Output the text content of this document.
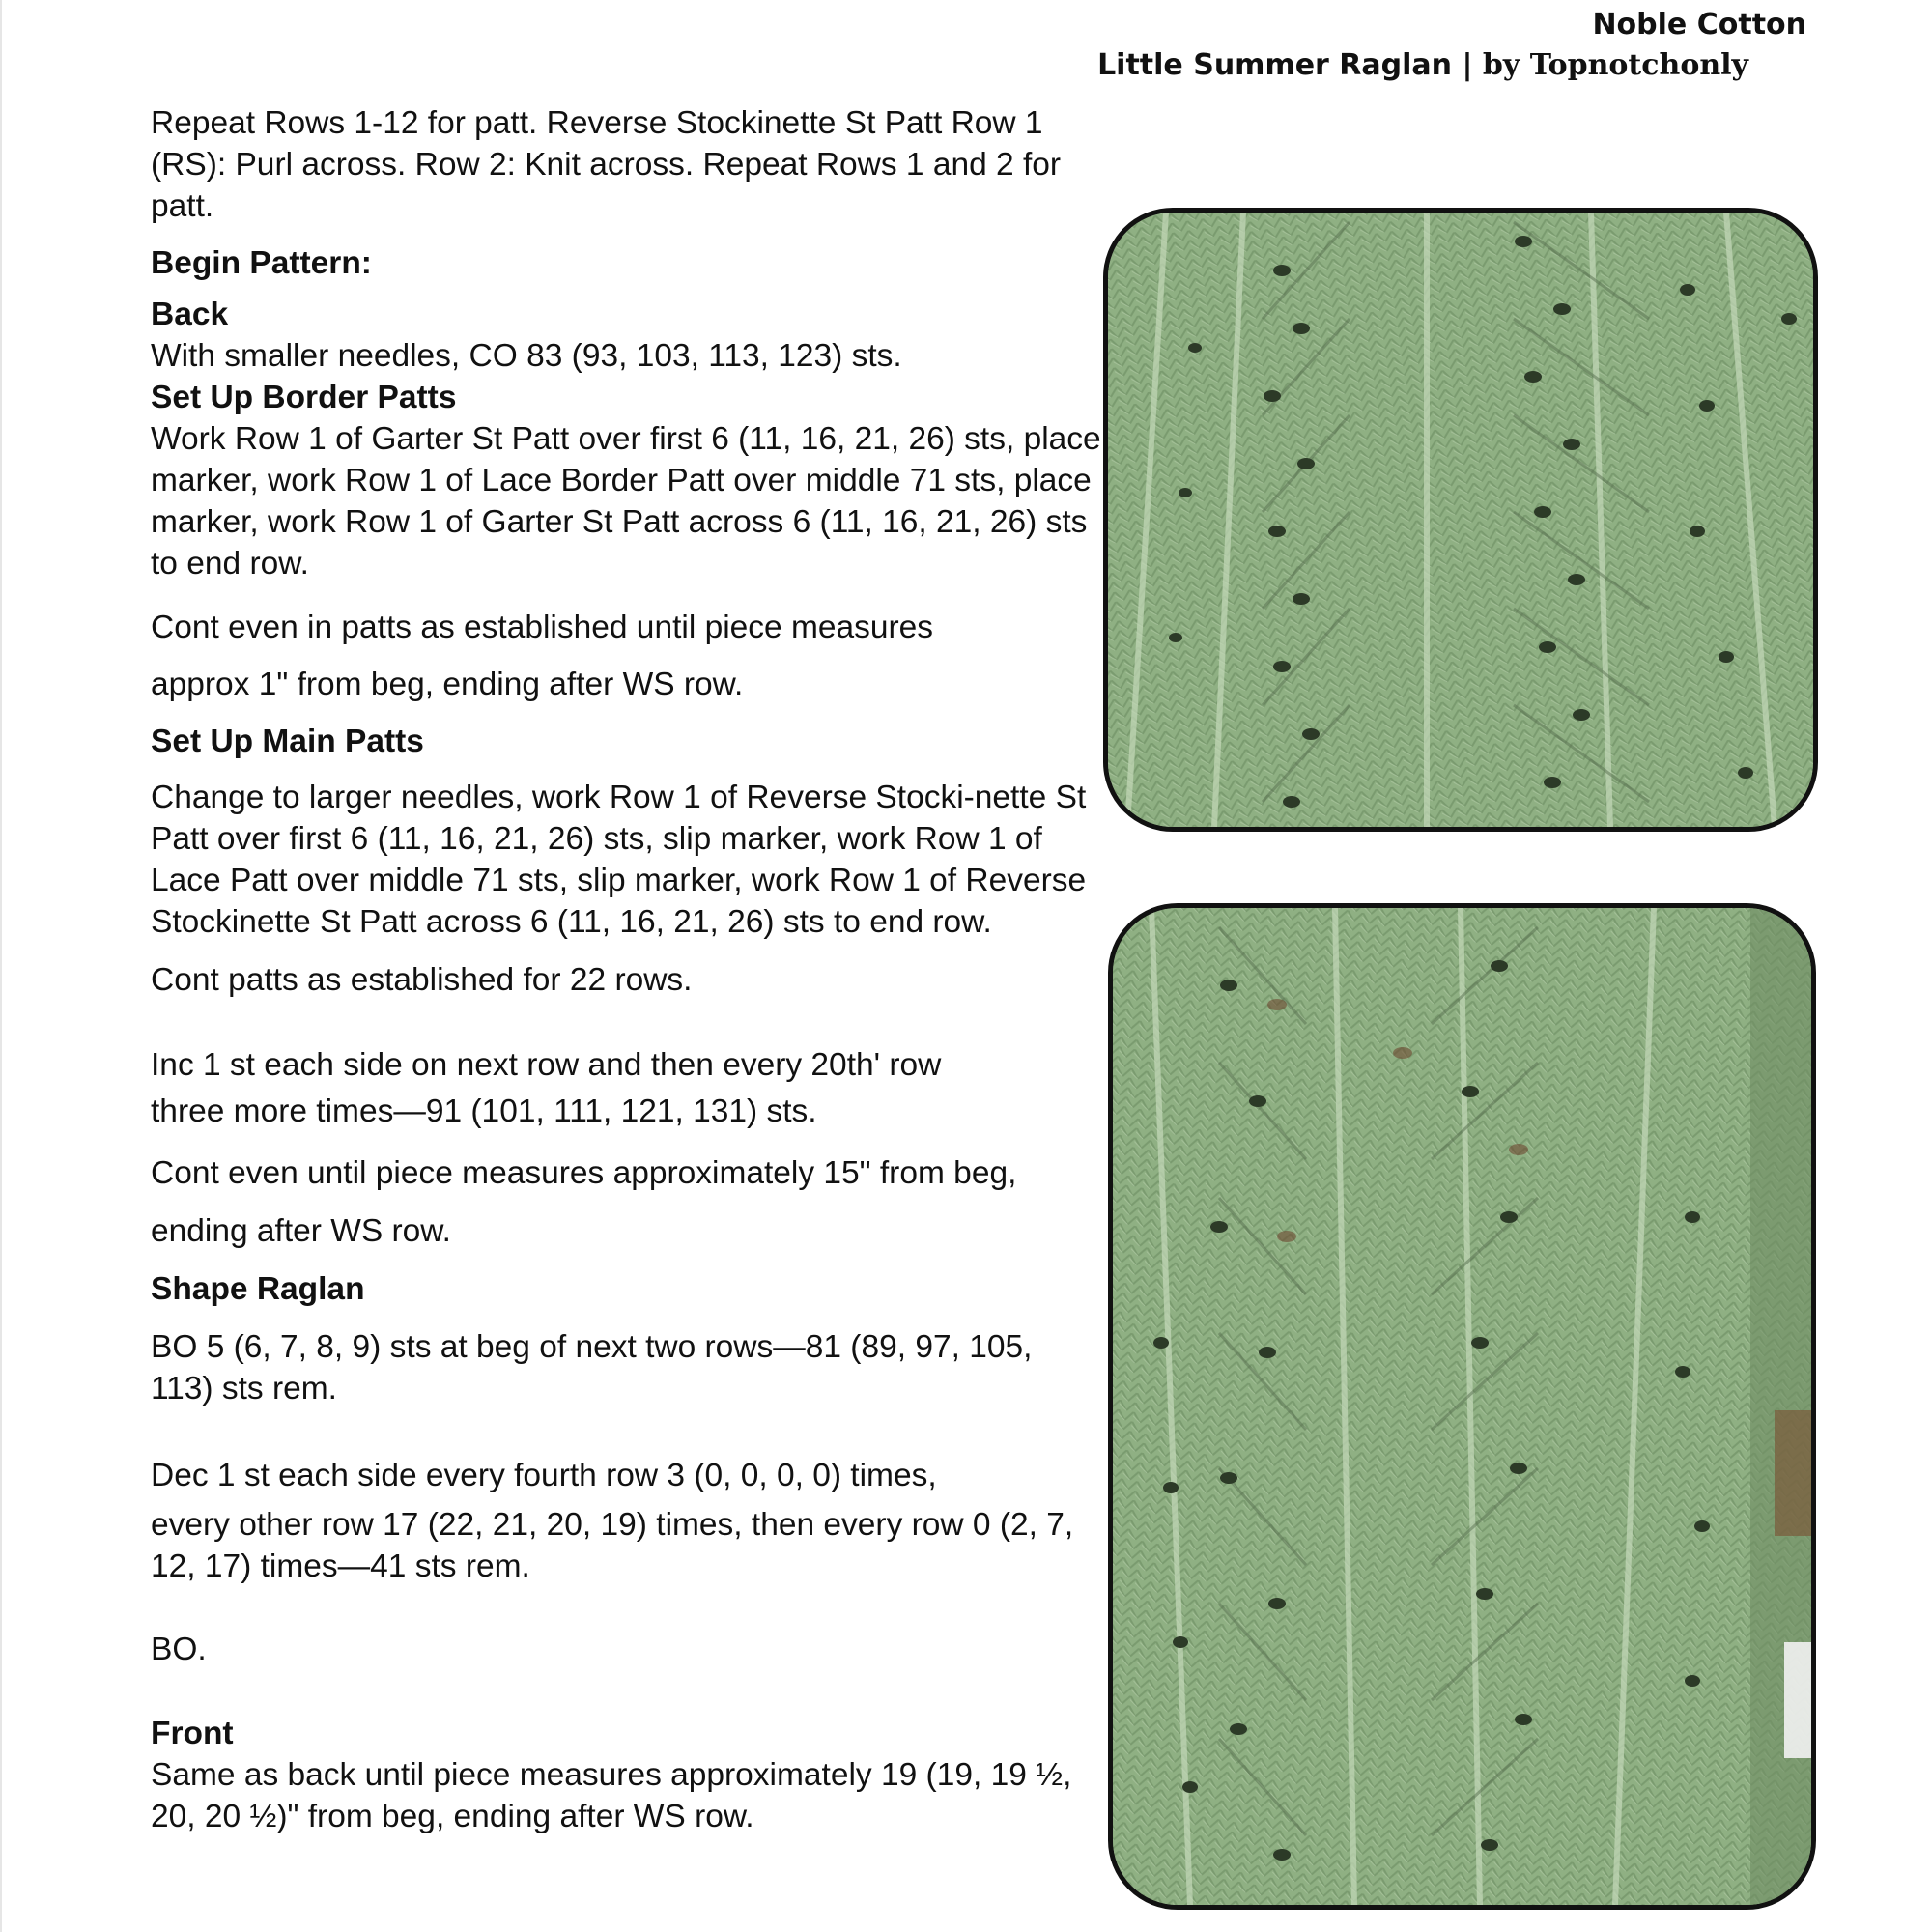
Noble Cotton
Little Summer Raglan | by Topnotchonly

Repeat Rows 1-12 for patt. Reverse Stockinette St Patt Row 1 (RS): Purl across. Row 2: Knit across. Repeat Rows 1 and 2 for patt.

Begin Pattern:

Back

With smaller needles, CO 83 (93, 103, 113, 123) sts.

Set Up Border Patts

Work Row 1 of Garter St Patt over first 6 (11, 16, 21, 26) sts, place marker, work Row 1 of Lace Border Patt over middle 71 sts, place marker, work Row 1 of Garter St Patt across 6 (11, 16, 21, 26) sts to end row.

Cont even in patts as established until piece measures

approx 1" from beg, ending after WS row.

Set Up Main Patts

Change to larger needles, work Row 1 of Reverse Stocki-nette St Patt over first 6 (11, 16, 21, 26) sts, slip marker, work Row 1 of Lace Patt over middle 71 sts, slip marker, work Row 1 of Reverse Stockinette St Patt across 6 (11, 16, 21, 26) sts to end row.

Cont patts as established for 22 rows.

Inc 1 st each side on next row and then every 20th' row

three more times—91 (101, 111, 121, 131) sts.

Cont even until piece measures approximately 15" from beg,

ending after WS row.

Shape Raglan

BO 5 (6, 7, 8, 9) sts at beg of next two rows—81 (89, 97, 105, 113) sts rem.

Dec 1 st each side every fourth row 3 (0, 0, 0, 0) times,

every other row 17 (22, 21, 20, 19) times, then every row 0 (2, 7, 12, 17) times—41 sts rem.

BO.

Front

Same as back until piece measures approximately 19 (19, 19 ½, 20, 20 ½)" from beg, ending after WS row.
